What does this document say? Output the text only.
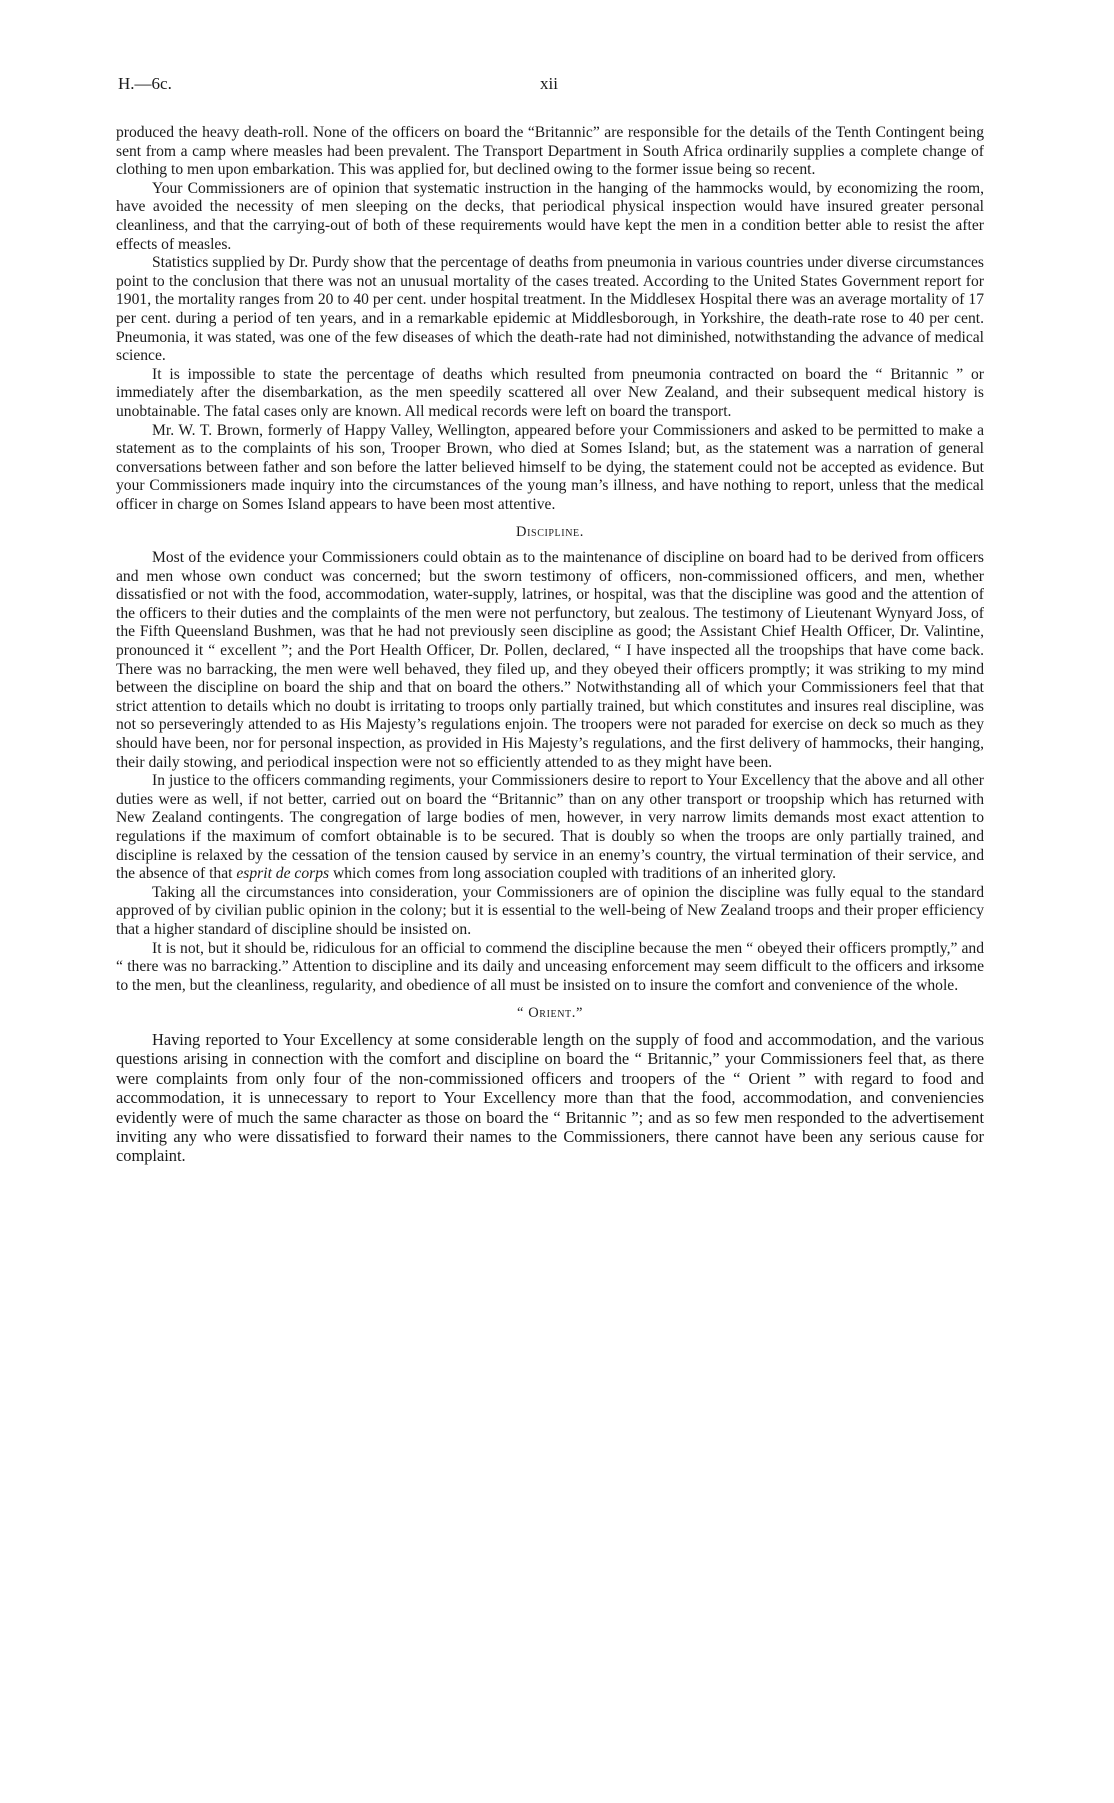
H.—6c.	xii

produced the heavy death-roll. None of the officers on board the “Britannic” are responsible for the details of the Tenth Contingent being sent from a camp where measles had been prevalent. The Transport Department in South Africa ordinarily supplies a complete change of clothing to men upon embarkation. This was applied for, but declined owing to the former issue being so recent.

Your Commissioners are of opinion that systematic instruction in the hanging of the hammocks would, by economizing the room, have avoided the necessity of men sleeping on the decks, that periodical physical inspection would have insured greater personal cleanliness, and that the carrying-out of both of these requirements would have kept the men in a condition better able to resist the after effects of measles.

Statistics supplied by Dr. Purdy show that the percentage of deaths from pneumonia in various countries under diverse circumstances point to the conclusion that there was not an unusual mortality of the cases treated. According to the United States Government report for 1901, the mortality ranges from 20 to 40 per cent. under hospital treatment. In the Middlesex Hospital there was an average mortality of 17 per cent. during a period of ten years, and in a remarkable epidemic at Middlesborough, in Yorkshire, the death-rate rose to 40 per cent. Pneumonia, it was stated, was one of the few diseases of which the death-rate had not diminished, notwithstanding the advance of medical science.

It is impossible to state the percentage of deaths which resulted from pneumonia contracted on board the “ Britannic ” or immediately after the disembarkation, as the men speedily scattered all over New Zealand, and their subsequent medical history is unobtainable. The fatal cases only are known. All medical records were left on board the transport.

Mr. W. T. Brown, formerly of Happy Valley, Wellington, appeared before your Commissioners and asked to be permitted to make a statement as to the complaints of his son, Trooper Brown, who died at Somes Island; but, as the statement was a narration of general conversations between father and son before the latter believed himself to be dying, the statement could not be accepted as evidence. But your Commissioners made inquiry into the circumstances of the young man’s illness, and have nothing to report, unless that the medical officer in charge on Somes Island appears to have been most attentive.

Discipline.

Most of the evidence your Commissioners could obtain as to the maintenance of discipline on board had to be derived from officers and men whose own conduct was concerned; but the sworn testimony of officers, non-commissioned officers, and men, whether dissatisfied or not with the food, accommodation, water-supply, latrines, or hospital, was that the discipline was good and the attention of the officers to their duties and the complaints of the men were not perfunctory, but zealous. The testimony of Lieutenant Wynyard Joss, of the Fifth Queensland Bushmen, was that he had not previously seen discipline as good; the Assistant Chief Health Officer, Dr. Valintine, pronounced it “ excellent ”; and the Port Health Officer, Dr. Pollen, declared, “ I have inspected all the troopships that have come back. There was no barracking, the men were well behaved, they filed up, and they obeyed their officers promptly; it was striking to my mind between the discipline on board the ship and that on board the others.” Notwithstanding all of which your Commissioners feel that that strict attention to details which no doubt is irritating to troops only partially trained, but which constitutes and insures real discipline, was not so perseveringly attended to as His Majesty’s regulations enjoin. The troopers were not paraded for exercise on deck so much as they should have been, nor for personal inspection, as provided in His Majesty’s regulations, and the first delivery of hammocks, their hanging, their daily stowing, and periodical inspection were not so efficiently attended to as they might have been.

In justice to the officers commanding regiments, your Commissioners desire to report to Your Excellency that the above and all other duties were as well, if not better, carried out on board the “Britannic” than on any other transport or troopship which has returned with New Zealand contingents. The congregation of large bodies of men, however, in very narrow limits demands most exact attention to regulations if the maximum of comfort obtainable is to be secured. That is doubly so when the troops are only partially trained, and discipline is relaxed by the cessation of the tension caused by service in an enemy’s country, the virtual termination of their service, and the absence of that esprit de corps which comes from long association coupled with traditions of an inherited glory.

Taking all the circumstances into consideration, your Commissioners are of opinion the discipline was fully equal to the standard approved of by civilian public opinion in the colony; but it is essential to the well-being of New Zealand troops and their proper efficiency that a higher standard of discipline should be insisted on.

It is not, but it should be, ridiculous for an official to commend the discipline because the men “ obeyed their officers promptly,” and “ there was no barracking.” Attention to discipline and its daily and unceasing enforcement may seem difficult to the officers and irksome to the men, but the cleanliness, regularity, and obedience of all must be insisted on to insure the comfort and convenience of the whole.

“ Orient.”

Having reported to Your Excellency at some considerable length on the supply of food and accommodation, and the various questions arising in connection with the comfort and discipline on board the “ Britannic,” your Commissioners feel that, as there were complaints from only four of the non-commissioned officers and troopers of the “ Orient ” with regard to food and accommodation, it is unnecessary to report to Your Excellency more than that the food, accommodation, and conveniencies evidently were of much the same character as those on board the “ Britannic ”; and as so few men responded to the advertisement inviting any who were dissatisfied to forward their names to the Commissioners, there cannot have been any serious cause for complaint.
